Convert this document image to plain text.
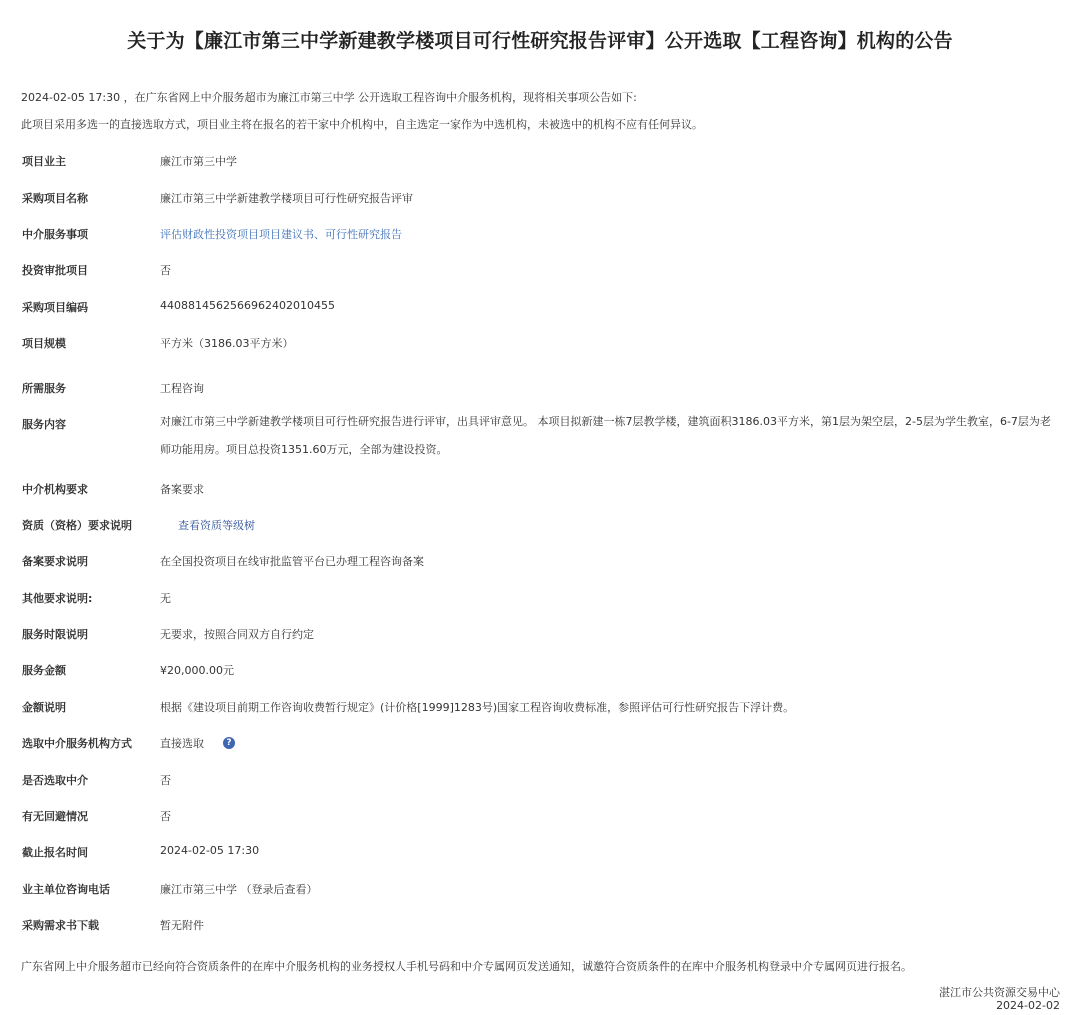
关于为【廉江市第三中学新建教学楼项目可行性研究报告评审】公开选取【工程咨询】机构的公告
2024-02-05 17:30 ，在广东省网上中介服务超市为廉江市第三中学 公开选取工程咨询中介服务机构，现将相关事项公告如下:
此项目采用多选一的直接选取方式，项目业主将在报名的若干家中介机构中，自主选定一家作为中选机构，未被选中的机构不应有任何异议。
项目业主	廉江市第三中学
采购项目名称	廉江市第三中学新建教学楼项目可行性研究报告评审
中介服务事项	评估财政性投资项目项目建议书、可行性研究报告
投资审批项目	否
采购项目编码	440881456256696240201045​5
项目规模	平方米（3186.03平方米）
所需服务	工程咨询
服务内容	对廉江市第三中学新建教学楼项目可行性研究报告进行评审，出具评审意见。 本项目拟新建一栋7层教学楼，建筑面积3186.03平方米，第1层为架空层，2-5层为学生教室，6-7层为老师功能用房。项目总投资1351.60万元，全部为建设投资。
中介机构要求	备案要求
资质（资格）要求说明	查看资质等级树
备案要求说明	在全国投资项目在线审批监管平台已办理工程咨询备案
其他要求说明:	无
服务时限说明	无要求，按照合同双方自行约定
服务金额	¥20,000.00元
金额说明	根据《建设项目前期工作咨询收费暂行规定》(计价格[1999]1283号)国家工程咨询收费标准，参照评估可行性研究报告下浮计费。
选取中介服务机构方式	直接选取 ?
是否选取中介	否
有无回避情况	否
截止报名时间	2024-02-05 17:30
业主单位咨询电话	廉江市第三中学 （登录后查看）
采购需求书下载	暂无附件
广东省网上中介服务超市已经向符合资质条件的在库中介服务机构的业务授权人手机号码和中介专属网页发送通知，诚邀符合资质条件的在库中介服务机构登录中介专属网页进行报名。
湛江市公共资源交易中心
2024-02-02
